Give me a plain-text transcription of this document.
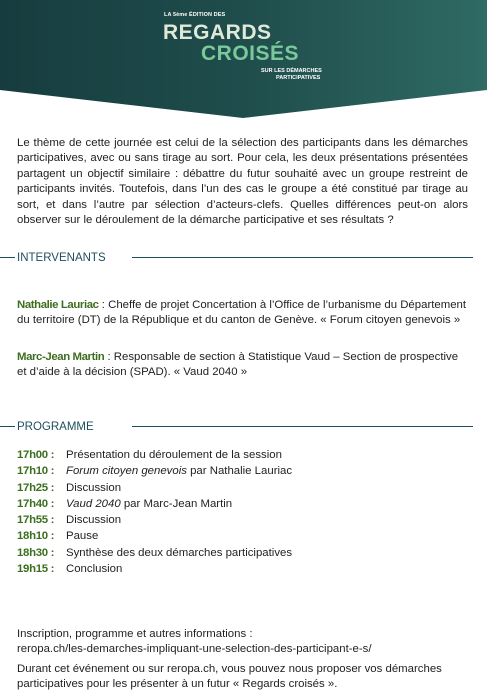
LA 5ème ÉDITION DES
REGARDS
CROISÉS
SUR LES DÉMARCHES
PARTICIPATIVES

Le thème de cette journée est celui de la sélection des participants dans les démarches participatives, avec ou sans tirage au sort. Pour cela, les deux présentations présentées partagent un objectif similaire : débattre du futur souhaité avec un groupe restreint de participants invités. Toutefois, dans l’un des cas le groupe a été constitué par tirage au sort, et dans l’autre par sélection d’acteurs-clefs. Quelles différences peut-on alors observer sur le déroulement de la démarche participative et ses résultats ?

INTERVENANTS

Nathalie Lauriac : Cheffe de projet Concertation à l’Office de l’urbanisme du Département du territoire (DT) de la République et du canton de Genève. « Forum citoyen genevois »

Marc-Jean Martin : Responsable de section à Statistique Vaud – Section de prospective et d’aide à la décision (SPAD). « Vaud 2040 »

PROGRAMME
17h00 : Présentation du déroulement de la session
17h10 : Forum citoyen genevois par Nathalie Lauriac
17h25 : Discussion
17h40 : Vaud 2040 par Marc-Jean Martin
17h55 : Discussion
18h10 : Pause
18h30 : Synthèse des deux démarches participatives
19h15 : Conclusion

Inscription, programme et autres informations :
reropa.ch/les-demarches-impliquant-une-selection-des-participant-e-s/

Durant cet événement ou sur reropa.ch, vous pouvez nous proposer vos démarches participatives pour les présenter à un futur « Regards croisés ».
